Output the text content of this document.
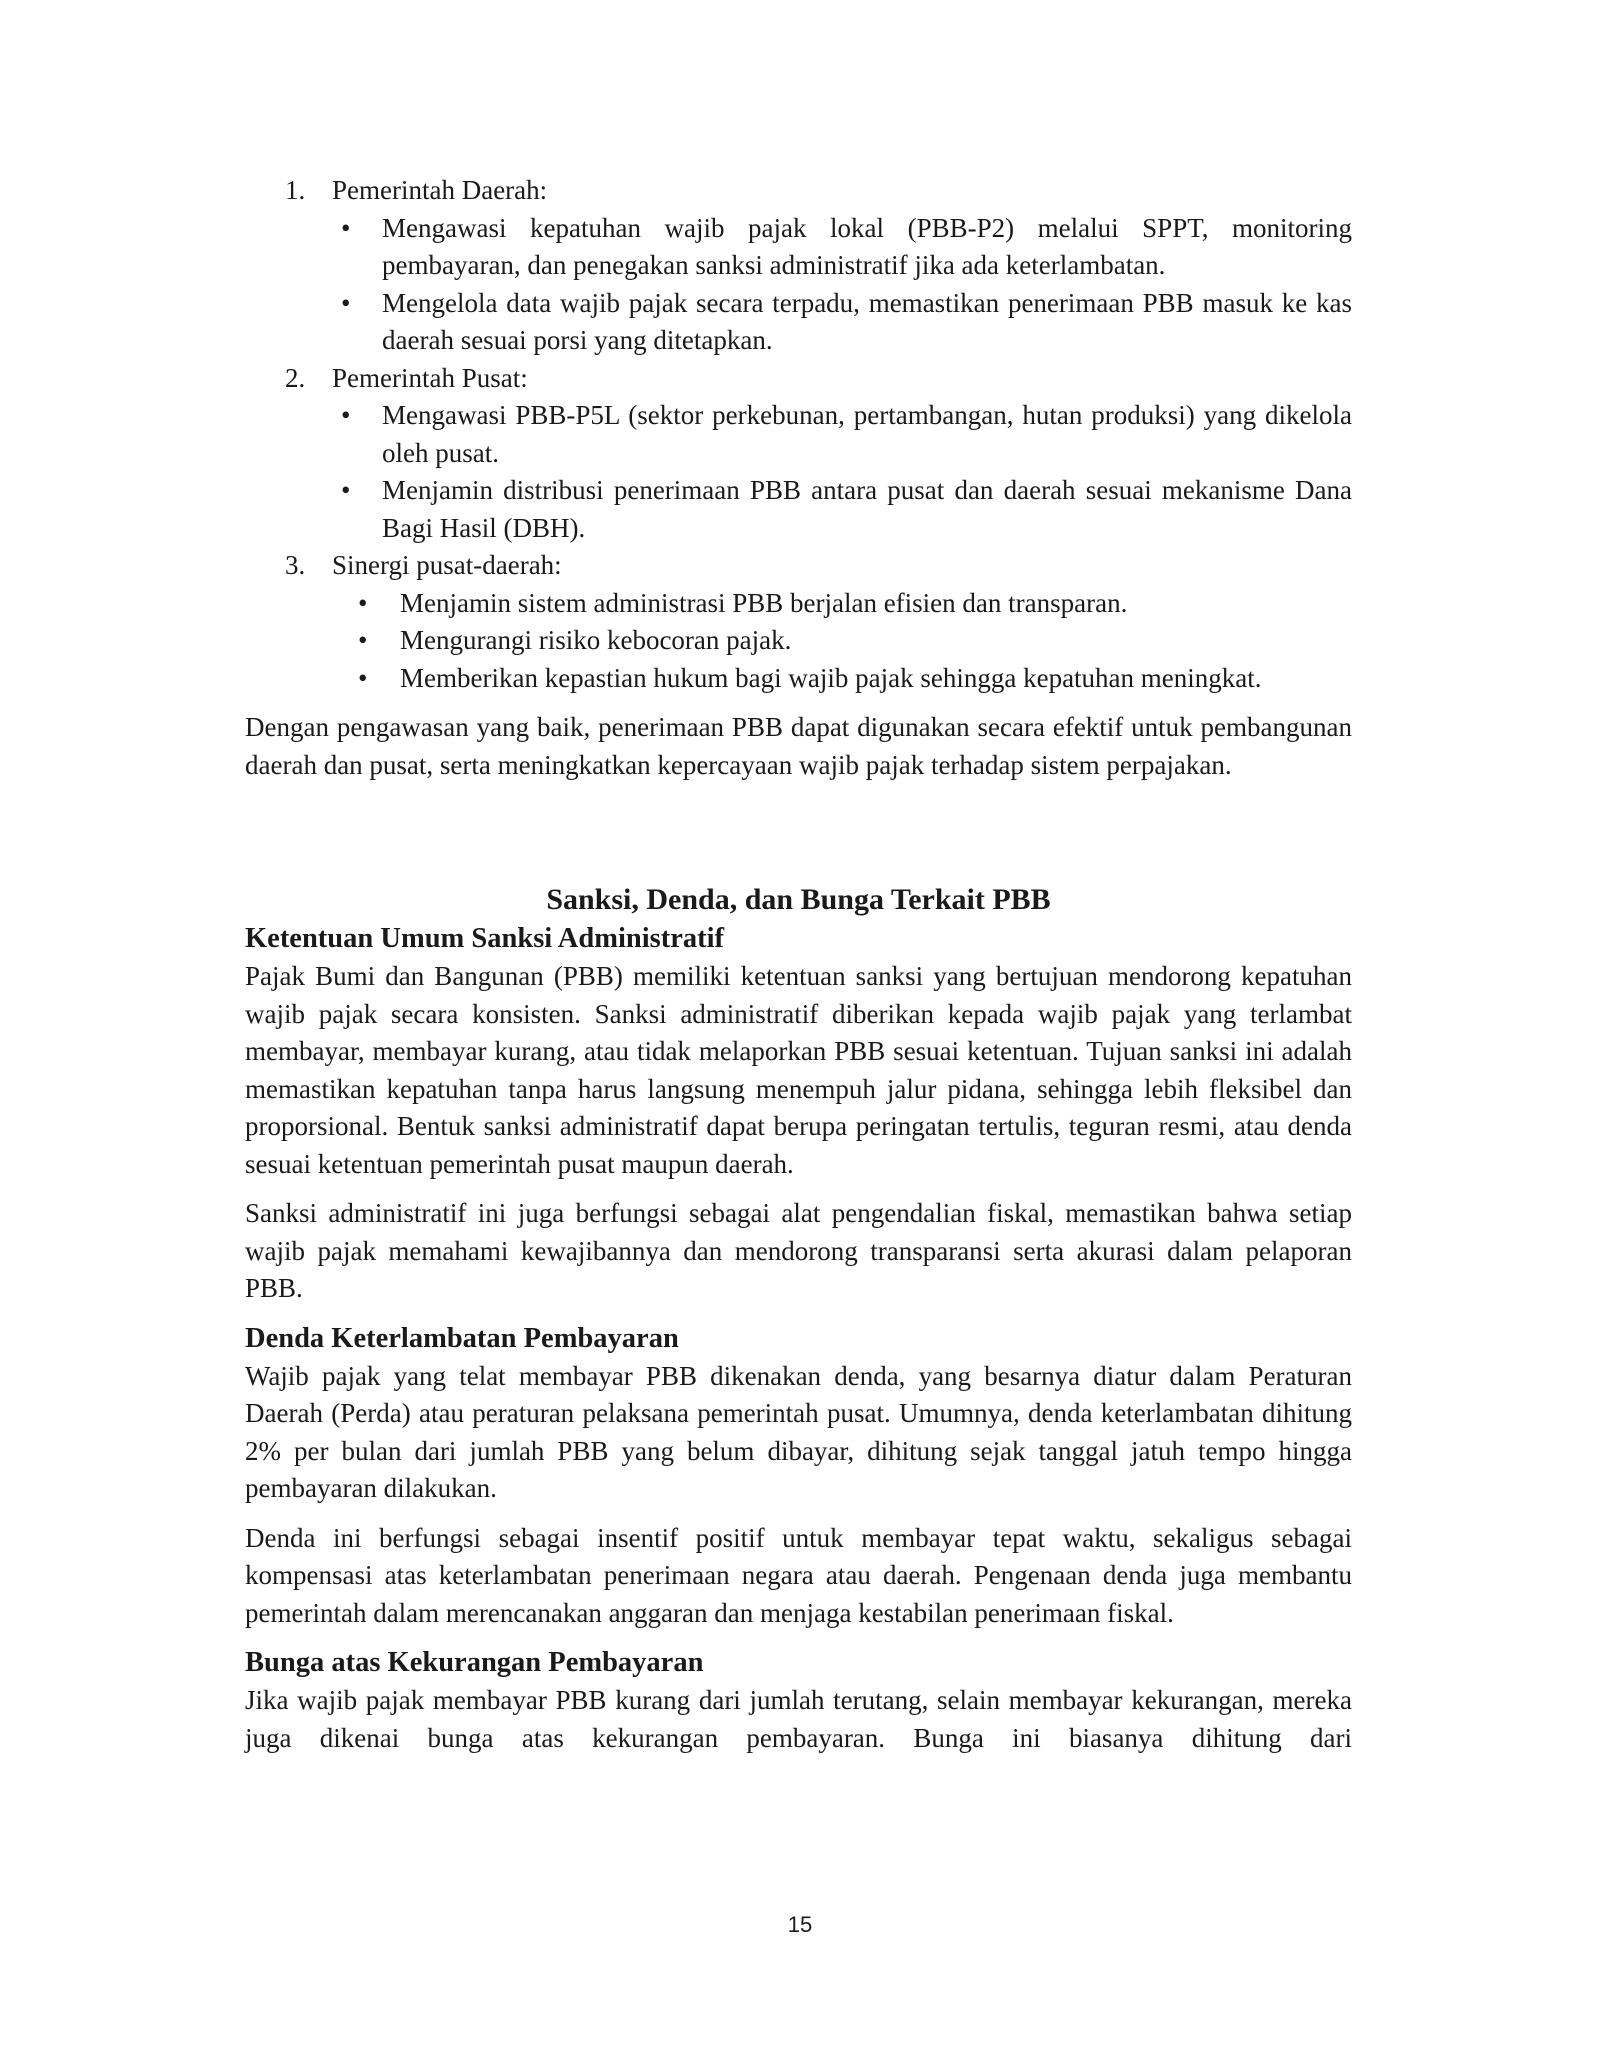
1. Pemerintah Daerah:
• Mengawasi kepatuhan wajib pajak lokal (PBB-P2) melalui SPPT, monitoring pembayaran, dan penegakan sanksi administratif jika ada keterlambatan.
• Mengelola data wajib pajak secara terpadu, memastikan penerimaan PBB masuk ke kas daerah sesuai porsi yang ditetapkan.
2. Pemerintah Pusat:
• Mengawasi PBB-P5L (sektor perkebunan, pertambangan, hutan produksi) yang dikelola oleh pusat.
• Menjamin distribusi penerimaan PBB antara pusat dan daerah sesuai mekanisme Dana Bagi Hasil (DBH).
3. Sinergi pusat-daerah:
• Menjamin sistem administrasi PBB berjalan efisien dan transparan.
• Mengurangi risiko kebocoran pajak.
• Memberikan kepastian hukum bagi wajib pajak sehingga kepatuhan meningkat.

Dengan pengawasan yang baik, penerimaan PBB dapat digunakan secara efektif untuk pembangunan daerah dan pusat, serta meningkatkan kepercayaan wajib pajak terhadap sistem perpajakan.

Sanksi, Denda, dan Bunga Terkait PBB
Ketentuan Umum Sanksi Administratif

Pajak Bumi dan Bangunan (PBB) memiliki ketentuan sanksi yang bertujuan mendorong kepatuhan wajib pajak secara konsisten. Sanksi administratif diberikan kepada wajib pajak yang terlambat membayar, membayar kurang, atau tidak melaporkan PBB sesuai ketentuan. Tujuan sanksi ini adalah memastikan kepatuhan tanpa harus langsung menempuh jalur pidana, sehingga lebih fleksibel dan proporsional. Bentuk sanksi administratif dapat berupa peringatan tertulis, teguran resmi, atau denda sesuai ketentuan pemerintah pusat maupun daerah.

Sanksi administratif ini juga berfungsi sebagai alat pengendalian fiskal, memastikan bahwa setiap wajib pajak memahami kewajibannya dan mendorong transparansi serta akurasi dalam pelaporan PBB.

Denda Keterlambatan Pembayaran

Wajib pajak yang telat membayar PBB dikenakan denda, yang besarnya diatur dalam Peraturan Daerah (Perda) atau peraturan pelaksana pemerintah pusat. Umumnya, denda keterlambatan dihitung 2% per bulan dari jumlah PBB yang belum dibayar, dihitung sejak tanggal jatuh tempo hingga pembayaran dilakukan.

Denda ini berfungsi sebagai insentif positif untuk membayar tepat waktu, sekaligus sebagai kompensasi atas keterlambatan penerimaan negara atau daerah. Pengenaan denda juga membantu pemerintah dalam merencanakan anggaran dan menjaga kestabilan penerimaan fiskal.

Bunga atas Kekurangan Pembayaran

Jika wajib pajak membayar PBB kurang dari jumlah terutang, selain membayar kekurangan, mereka juga dikenai bunga atas kekurangan pembayaran. Bunga ini biasanya dihitung dari

15
